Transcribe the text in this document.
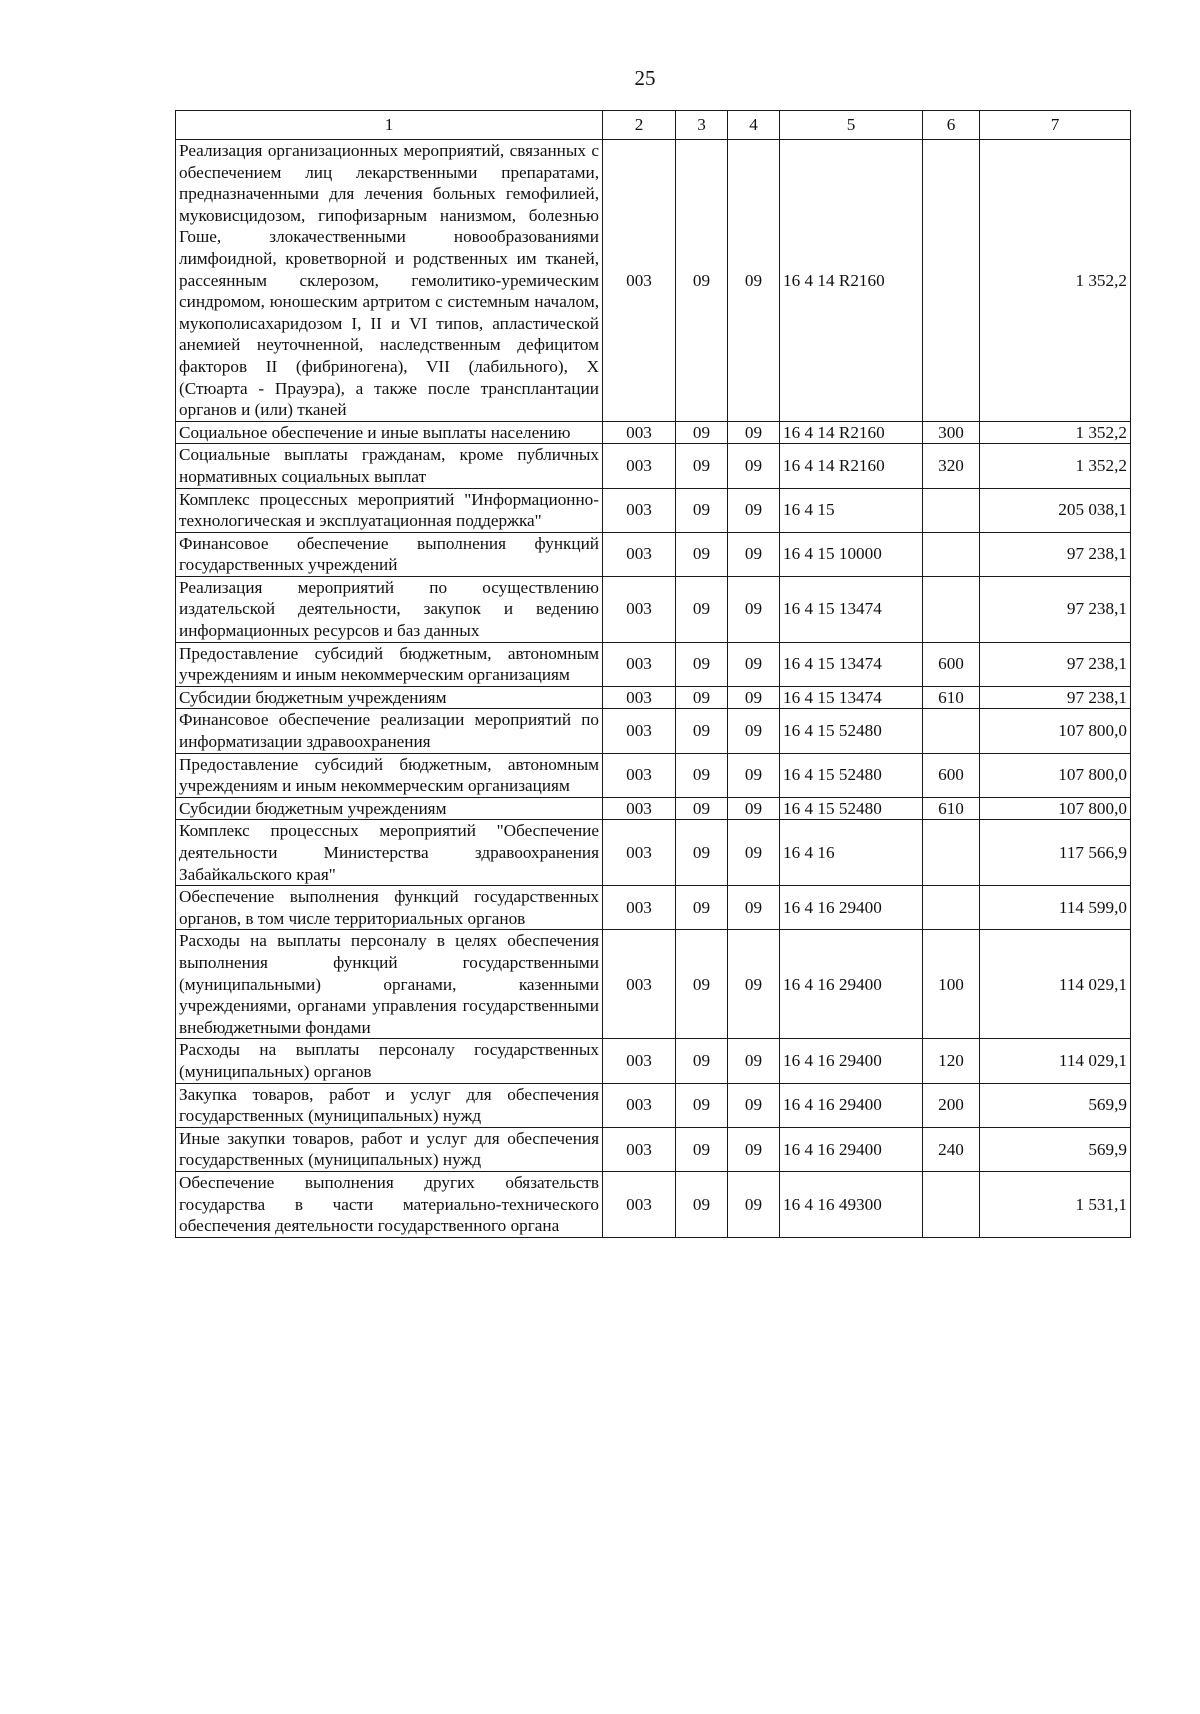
25
1	2	3	4	5	6	7
Реализация организационных мероприятий, связанных с обеспечением лиц лекарственными препаратами, предназначенными для лечения больных гемофилией, муковисцидозом, гипофизарным нанизмом, болезнью Гоше, злокачественными новообразованиями лимфоидной, кроветворной и родственных им тканей, рассеянным склерозом, гемолитико-уремическим синдромом, юношеским артритом с системным началом, мукополисахаридозом I, II и VI типов, апластической анемией неуточненной, наследственным дефицитом факторов II (фибриногена), VII (лабильного), X (Стюарта - Прауэра), а также после трансплантации органов и (или) тканей	003	09	09	16 4 14 R2160		1 352,2
Социальное обеспечение и иные выплаты населению	003	09	09	16 4 14 R2160	300	1 352,2
Социальные выплаты гражданам, кроме публичных нормативных социальных выплат	003	09	09	16 4 14 R2160	320	1 352,2
Комплекс процессных мероприятий "Информационно-технологическая и эксплуатационная поддержка"	003	09	09	16 4 15		205 038,1
Финансовое обеспечение выполнения функций государственных учреждений	003	09	09	16 4 15 10000		97 238,1
Реализация мероприятий по осуществлению издательской деятельности, закупок и ведению информационных ресурсов и баз данных	003	09	09	16 4 15 13474		97 238,1
Предоставление субсидий бюджетным, автономным учреждениям и иным некоммерческим организациям	003	09	09	16 4 15 13474	600	97 238,1
Субсидии бюджетным учреждениям	003	09	09	16 4 15 13474	610	97 238,1
Финансовое обеспечение реализации мероприятий по информатизации здравоохранения	003	09	09	16 4 15 52480		107 800,0
Предоставление субсидий бюджетным, автономным учреждениям и иным некоммерческим организациям	003	09	09	16 4 15 52480	600	107 800,0
Субсидии бюджетным учреждениям	003	09	09	16 4 15 52480	610	107 800,0
Комплекс процессных мероприятий "Обеспечение деятельности Министерства здравоохранения Забайкальского края"	003	09	09	16 4 16		117 566,9
Обеспечение выполнения функций государственных органов, в том числе территориальных органов	003	09	09	16 4 16 29400		114 599,0
Расходы на выплаты персоналу в целях обеспечения выполнения функций государственными (муниципальными) органами, казенными учреждениями, органами управления государственными внебюджетными фондами	003	09	09	16 4 16 29400	100	114 029,1
Расходы на выплаты персоналу государственных (муниципальных) органов	003	09	09	16 4 16 29400	120	114 029,1
Закупка товаров, работ и услуг для обеспечения государственных (муниципальных) нужд	003	09	09	16 4 16 29400	200	569,9
Иные закупки товаров, работ и услуг для обеспечения государственных (муниципальных) нужд	003	09	09	16 4 16 29400	240	569,9
Обеспечение выполнения других обязательств государства в части материально-технического обеспечения деятельности государственного органа	003	09	09	16 4 16 49300		1 531,1
